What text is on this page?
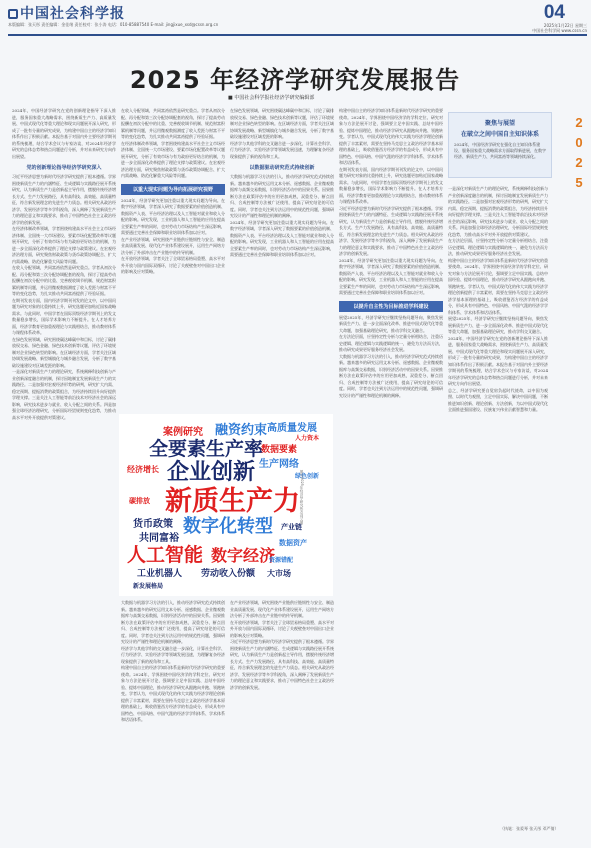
中国社会科学报
本版编辑：张天彤 责任编辑：金佳绪 责任校对：张小涛 电话：010-85887540 E-mail: jingjixue_xsd@cssn.org.cn
04
2025年1月22日 星期三
中国社会科学网 www.cssn.cn
2
0
2
5
2025 年经济学研究发展报告
■ 中国社会科学报社经济学研究编辑部
聚焦与展望
在破立之间中国自主知识体系
2024年，中国经济学研究在强化自主知识体系建设、服务国家重大战略需求方面取得新进展，在数字经济、新质生产力、共同富裕等领域持续深化。

2024年，中国经济学研究在党的创新理论指导下深入推进，服务国家重大战略需求，围绕新质生产力、高质量发展、中国式现代化等重大理论和现实问题展开深入研究，形成了一批有分量的研究成果，为构建中国自主的经济学知识体系作出了积极贡献。本报告基于对国内外主要经济学期刊的系统梳理，结合学术会议与专家访谈，对2024年经济学研究的总体态势和热点问题进行分析，并对未来研究方向作出展望。

党的创新理论指导经济学研究深入

习近平经济思想为新时代经济学研究提供了根本遵循。学界围绕新质生产力的内涵特征、生成逻辑与实践路径展开系统研究，认为新质生产力是创新起主导作用，摆脱传统经济增长方式、生产力发展路径，具有高科技、高效能、高质量特征，符合新发展理念的先进生产力质态。相关研究从政治经济学、发展经济学等多学科视角，深入阐释了发展新质生产力的理论意义和实践要求，推动了中国特色社会主义政治经济学的创新发展。

在经济体制改革领域，学者围绕构建高水平社会主义市场经济体制、全国统一大市场建设、要素市场化配置改革等议题展开研究，分析了有效市场与有为政府更好结合的机制，为进一步全面深化改革提供了理论支撑与政策建议。在宏观经济治理方面，研究聚焦财政政策与货币政策协调配合、扩大内需战略、防范化解重大风险等问题。

在收入分配领域，共同富裕依然是研究重点。学者从初次分配、再分配和第三次分配协调配套的视角，探讨了提高劳动报酬在初次分配中的比重、完善税收调节机制、规范财富积累机制等问题，并运用微观数据测度了收入差距与财富不平等的变化趋势，为扎实推动共同富裕提供了经验证据。

在期刊发表方面，国内经济学期刊刊发的论文中，以中国问题为研究对象的比重持续上升，研究选题更加贴近国家战略需求。与此同时，中国学者在国际顶级经济学期刊上的发文数量稳步增长，国际学术影响力不断提升。在人才培养方面，经济学教育更加重视理论与实践相结合，推动教材体系与课程体系改革。

在绿色发展领域，研究围绕碳达峰碳中和目标，讨论了碳排放权交易、绿色金融、绿色技术创新等议题，评估了环境规制对企业绿色转型的影响。在区域经济方面，学者关注区域协调发展战略、新型城镇化与城乡融合发展，分析了数字基础设施建设对区域差距的影响。

一是深化对新质生产力的理论研究，系统阐释科技创新与产业创新深度融合的机制，探讨因地制宜发展新质生产力的实践路径。二是加强对宏观经济形势的研判，研究扩大内需、稳定预期、提振消费的政策组合，为经济持续回升向好提供学理支撑。三是关注人工智能等前沿技术对经济社会的深远影响，研究技术进步与就业、收入分配之间的关系。四是加强全球经济治理研究，分析国际经贸规则变化趋势，为推动高水平对外开放提供对策建议。

在收入分配领域，共同富裕依然是研究重点。学者从初次分配、再分配和第三次分配协调配套的视角，探讨了提高劳动报酬在初次分配中的比重、完善税收调节机制、规范财富积累机制等问题，并运用微观数据测度了收入差距与财富不平等的变化趋势，为扎实推动共同富裕提供了经验证据。

在经济体制改革领域，学者围绕构建高水平社会主义市场经济体制、全国统一大市场建设、要素市场化配置改革等议题展开研究，分析了有效市场与有为政府更好结合的机制，为进一步全面深化改革提供了理论支撑与政策建议。在宏观经济治理方面，研究聚焦财政政策与货币政策协调配合、扩大内需战略、防范化解重大风险等问题。

以重大现实问题为导向拓展研究视野

2024年，经济学研究更加注重以重大现实问题为导向。在数字经济领域，学者深入研究了数据要素的价值创造机制、数据资产入表、平台经济治理以及人工智能对就业和收入分配的影响。研究发现，工业机器人和人工智能的应用在提高全要素生产率的同时，也对劳动力市场结构产生深远影响，需要通过完善社会保障和职业培训体系加以应对。

在产业经济领域，研究围绕产业链供应链韧性与安全、制造业高质量发展、现代化产业体系建设展开，运用生产网络方法分析了外部冲击在产业链中的传导机制。

在开放经济领域，学者关注了全球贸易格局重塑、高水平对外开放与国内国际双循环，讨论了关税壁垒对中国出口企业的影响及应对策略。

大数据与机器学习方法的引入，推动经济学研究范式持续创新。越来越多的研究运用文本分析、遥感数据、企业微观数据库与高频交易数据，识别经济活动中的因果关系。因果推断方法在政策评估中的应用更加成熟，双重差分、断点回归、合成控制等方法被广泛使用，提高了研究结论的可信度。同时，学者也关注到方法运用中的规范性问题，强调研究设计的严谨性和理论机制的阐释。

经济学与其他学科的交叉融合进一步深化，计算社会科学、行为经济学、实验经济学等领域发展迅速，为理解复杂经济现象提供了新的视角和工具。

构建中国自主的经济学知识体系是新时代经济学研究的重要使命。2024年，学界围绕中国经济学的学科定位、研究对象与方法论展开讨论，强调要立足中国实践、总结中国经验、提炼中国理论，推动经济学研究从跟跑向并跑、领跑转变。学者认为，中国式现代化的伟大实践为经济学理论创新提供了丰富素材，需要在坚持马克思主义政治经济学基本原理的基础上，吸收借鉴西方经济学的有益成分，形成具有中国特色、中国风格、中国气派的经济学学科体系、学术体系和话语体系。

在绿色发展领域，研究围绕碳达峰碳中和目标，讨论了碳排放权交易、绿色金融、绿色技术创新等议题，评估了环境规制对企业绿色转型的影响。在区域经济方面，学者关注区域协调发展战略、新型城镇化与城乡融合发展，分析了数字基础设施建设对区域差距的影响。

经济学与其他学科的交叉融合进一步深化，计算社会科学、行为经济学、实验经济学等领域发展迅速，为理解复杂经济现象提供了新的视角和工具。

以数据驱动研究范式持续创新

大数据与机器学习方法的引入，推动经济学研究范式持续创新。越来越多的研究运用文本分析、遥感数据、企业微观数据库与高频交易数据，识别经济活动中的因果关系。因果推断方法在政策评估中的应用更加成熟，双重差分、断点回归、合成控制等方法被广泛使用，提高了研究结论的可信度。同时，学者也关注到方法运用中的规范性问题，强调研究设计的严谨性和理论机制的阐释。

2024年，经济学研究更加注重以重大现实问题为导向。在数字经济领域，学者深入研究了数据要素的价值创造机制、数据资产入表、平台经济治理以及人工智能对就业和收入分配的影响。研究发现，工业机器人和人工智能的应用在提高全要素生产率的同时，也对劳动力市场结构产生深远影响，需要通过完善社会保障和职业培训体系加以应对。

在产业经济领域，研究围绕产业链供应链韧性与安全、制造业高质量发展、现代化产业体系建设展开，运用生产网络方法分析了外部冲击在产业链中的传导机制。

在开放经济领域，学者关注了全球贸易格局重塑、高水平对外开放与国内国际双循环，讨论了关税壁垒对中国出口企业的影响及应对策略。

习近平经济思想为新时代经济学研究提供了根本遵循。学界围绕新质生产力的内涵特征、生成逻辑与实践路径展开系统研究，认为新质生产力是创新起主导作用，摆脱传统经济增长方式、生产力发展路径，具有高科技、高效能、高质量特征，符合新发展理念的先进生产力质态。相关研究从政治经济学、发展经济学等多学科视角，深入阐释了发展新质生产力的理论意义和实践要求，推动了中国特色社会主义政治经济学的创新发展。

构建中国自主的经济学知识体系是新时代经济学研究的重要使命。2024年，学界围绕中国经济学的学科定位、研究对象与方法论展开讨论，强调要立足中国实践、总结中国经验、提炼中国理论，推动经济学研究从跟跑向并跑、领跑转变。学者认为，中国式现代化的伟大实践为经济学理论创新提供了丰富素材，需要在坚持马克思主义政治经济学基本原理的基础上，吸收借鉴西方经济学的有益成分，形成具有中国特色、中国风格、中国气派的经济学学科体系、学术体系和话语体系。

在期刊发表方面，国内经济学期刊刊发的论文中，以中国问题为研究对象的比重持续上升，研究选题更加贴近国家战略需求。与此同时，中国学者在国际顶级经济学期刊上的发文数量稳步增长，国际学术影响力不断提升。在人才培养方面，经济学教育更加重视理论与实践相结合，推动教材体系与课程体系改革。

习近平经济思想为新时代经济学研究提供了根本遵循。学界围绕新质生产力的内涵特征、生成逻辑与实践路径展开系统研究，认为新质生产力是创新起主导作用，摆脱传统经济增长方式、生产力发展路径，具有高科技、高效能、高质量特征，符合新发展理念的先进生产力质态。相关研究从政治经济学、发展经济学等多学科视角，深入阐释了发展新质生产力的理论意义和实践要求，推动了中国特色社会主义政治经济学的创新发展。

2024年，经济学研究更加注重以重大现实问题为导向。在数字经济领域，学者深入研究了数据要素的价值创造机制、数据资产入表、平台经济治理以及人工智能对就业和收入分配的影响。研究发现，工业机器人和人工智能的应用在提高全要素生产率的同时，也对劳动力市场结构产生深远影响，需要通过完善社会保障和职业培训体系加以应对。

以提升自主性为目标推进学科建设

展望2025年，经济学研究应继续坚持问题导向，聚焦发展新质生产力、进一步全面深化改革、推进中国式现代化等重大命题，加强基础理论研究，推动学科交叉融合。

在方法论层面，应坚持定性分析与定量分析相结合，注重历史逻辑、理论逻辑与实践逻辑的统一，避免为方法而方法，推动研究成果更好服务经济社会发展。

大数据与机器学习方法的引入，推动经济学研究范式持续创新。越来越多的研究运用文本分析、遥感数据、企业微观数据库与高频交易数据，识别经济活动中的因果关系。因果推断方法在政策评估中的应用更加成熟，双重差分、断点回归、合成控制等方法被广泛使用，提高了研究结论的可信度。同时，学者也关注到方法运用中的规范性问题，强调研究设计的严谨性和理论机制的阐释。

一是深化对新质生产力的理论研究，系统阐释科技创新与产业创新深度融合的机制，探讨因地制宜发展新质生产力的实践路径。二是加强对宏观经济形势的研判，研究扩大内需、稳定预期、提振消费的政策组合，为经济持续回升向好提供学理支撑。三是关注人工智能等前沿技术对经济社会的深远影响，研究技术进步与就业、收入分配之间的关系。四是加强全球经济治理研究，分析国际经贸规则变化趋势，为推动高水平对外开放提供对策建议。

在方法论层面，应坚持定性分析与定量分析相结合，注重历史逻辑、理论逻辑与实践逻辑的统一，避免为方法而方法，推动研究成果更好服务经济社会发展。

构建中国自主的经济学知识体系是新时代经济学研究的重要使命。2024年，学界围绕中国经济学的学科定位、研究对象与方法论展开讨论，强调要立足中国实践、总结中国经验、提炼中国理论，推动经济学研究从跟跑向并跑、领跑转变。学者认为，中国式现代化的伟大实践为经济学理论创新提供了丰富素材，需要在坚持马克思主义政治经济学基本原理的基础上，吸收借鉴西方经济学的有益成分，形成具有中国特色、中国风格、中国气派的经济学学科体系、学术体系和话语体系。

展望2025年，经济学研究应继续坚持问题导向，聚焦发展新质生产力、进一步全面深化改革、推进中国式现代化等重大命题，加强基础理论研究，推动学科交叉融合。

2024年，中国经济学研究在党的创新理论指导下深入推进，服务国家重大战略需求，围绕新质生产力、高质量发展、中国式现代化等重大理论和现实问题展开深入研究，形成了一批有分量的研究成果，为构建中国自主的经济学知识体系作出了积极贡献。本报告基于对国内外主要经济学期刊的系统梳理，结合学术会议与专家访谈，对2024年经济学研究的总体态势和热点问题进行分析，并对未来研究方向作出展望。

总之，经济学研究要自觉肩负起时代使命，以中国为观照、以时代为观照，立足中国实际，解决中国问题，不断推进知识创新、理论创新、方法创新，为以中国式现代化全面推进强国建设、民族复兴伟业贡献智慧和力量。

（执笔：张爱琴 张天彤 邓严倩）
案例研究 融资约束 高质量发展
全要素生产率
数据要素
人力资本
经济增长 企业创新 生产网络
新质生产力
碳排放
绿色创新
货币政策 数字化转型
共同富裕
产业链
人工智能 数字经济
数据资产
工业机器人 劳动收入份额 大市场
资源错配
新发展格局
图为2025年经济学研究热点词云图
